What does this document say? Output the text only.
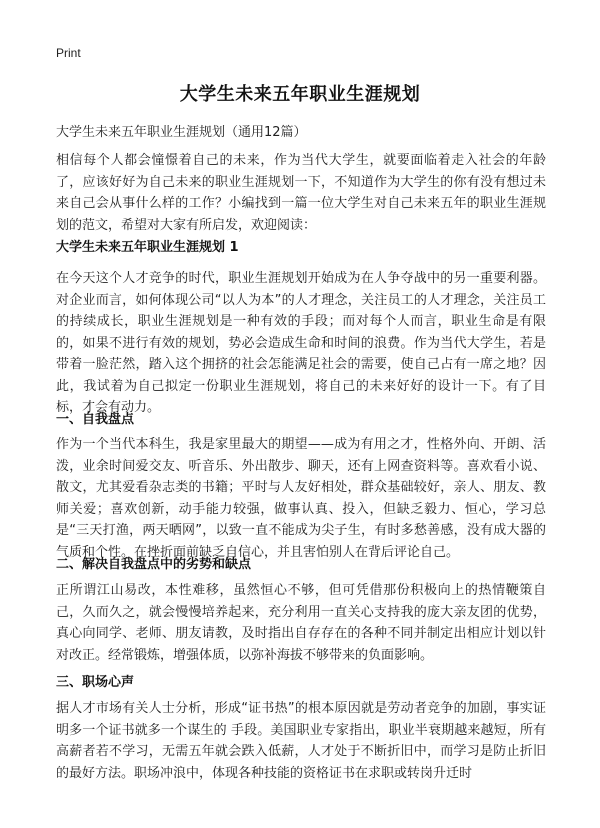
Print
大学生未来五年职业生涯规划
大学生未来五年职业生涯规划（通用12篇）
相信每个人都会憧憬着自己的未来，作为当代大学生，就要面临着走入社会的年龄了，应该好好为自己未来的职业生涯规划一下，不知道作为大学生的你有没有想过未来自己会从事什么样的工作？小编找到一篇一位大学生对自己未来五年的职业生涯规划的范文，希望对大家有所启发，欢迎阅读：
大学生未来五年职业生涯规划 1
在今天这个人才竞争的时代，职业生涯规划开始成为在人争夺战中的另一重要利器。对企业而言，如何体现公司“以人为本”的人才理念，关注员工的人才理念，关注员工的持续成长，职业生涯规划是一种有效的手段；而对每个人而言，职业生命是有限的，如果不进行有效的规划，势必会造成生命和时间的浪费。作为当代大学生，若是带着一脸茫然，踏入这个拥挤的社会怎能满足社会的需要，使自己占有一席之地？因此，我试着为自己拟定一份职业生涯规划，将自己的未来好好的设计一下。有了目标，才会有动力。
一、自我盘点
作为一个当代本科生，我是家里最大的期望——成为有用之才，性格外向、开朗、活泼，业余时间爱交友、听音乐、外出散步、聊天，还有上网查资料等。喜欢看小说、散文，尤其爱看杂志类的书籍；平时与人友好相处，群众基础较好，亲人、朋友、教师关爱；喜欢创新，动手能力较强，做事认真、投入，但缺乏毅力、恒心，学习总是“三天打渔，两天晒网”，以致一直不能成为尖子生，有时多愁善感，没有成大器的气质和个性。在挫折面前缺乏自信心，并且害怕别人在背后评论自己。
二、解决自我盘点中的劣势和缺点
正所谓江山易改，本性难移，虽然恒心不够，但可凭借那份积极向上的热情鞭策自己，久而久之，就会慢慢培养起来，充分利用一直关心支持我的庞大亲友团的优势，真心向同学、老师、朋友请教，及时指出自存存在的各种不同并制定出相应计划以针对改正。经常锻炼，增强体质，以弥补海拔不够带来的负面影响。
三、职场心声
据人才市场有关人士分析，形成“证书热”的根本原因就是劳动者竞争的加剧，事实证明多一个证书就多一个谋生的 手段。美国职业专家指出，职业半衰期越来越短，所有高薪者若不学习，无需五年就会跌入低薪，人才处于不断折旧中，而学习是防止折旧的最好方法。职场冲浪中，体现各种技能的资格证书在求职或转岗升迁时
